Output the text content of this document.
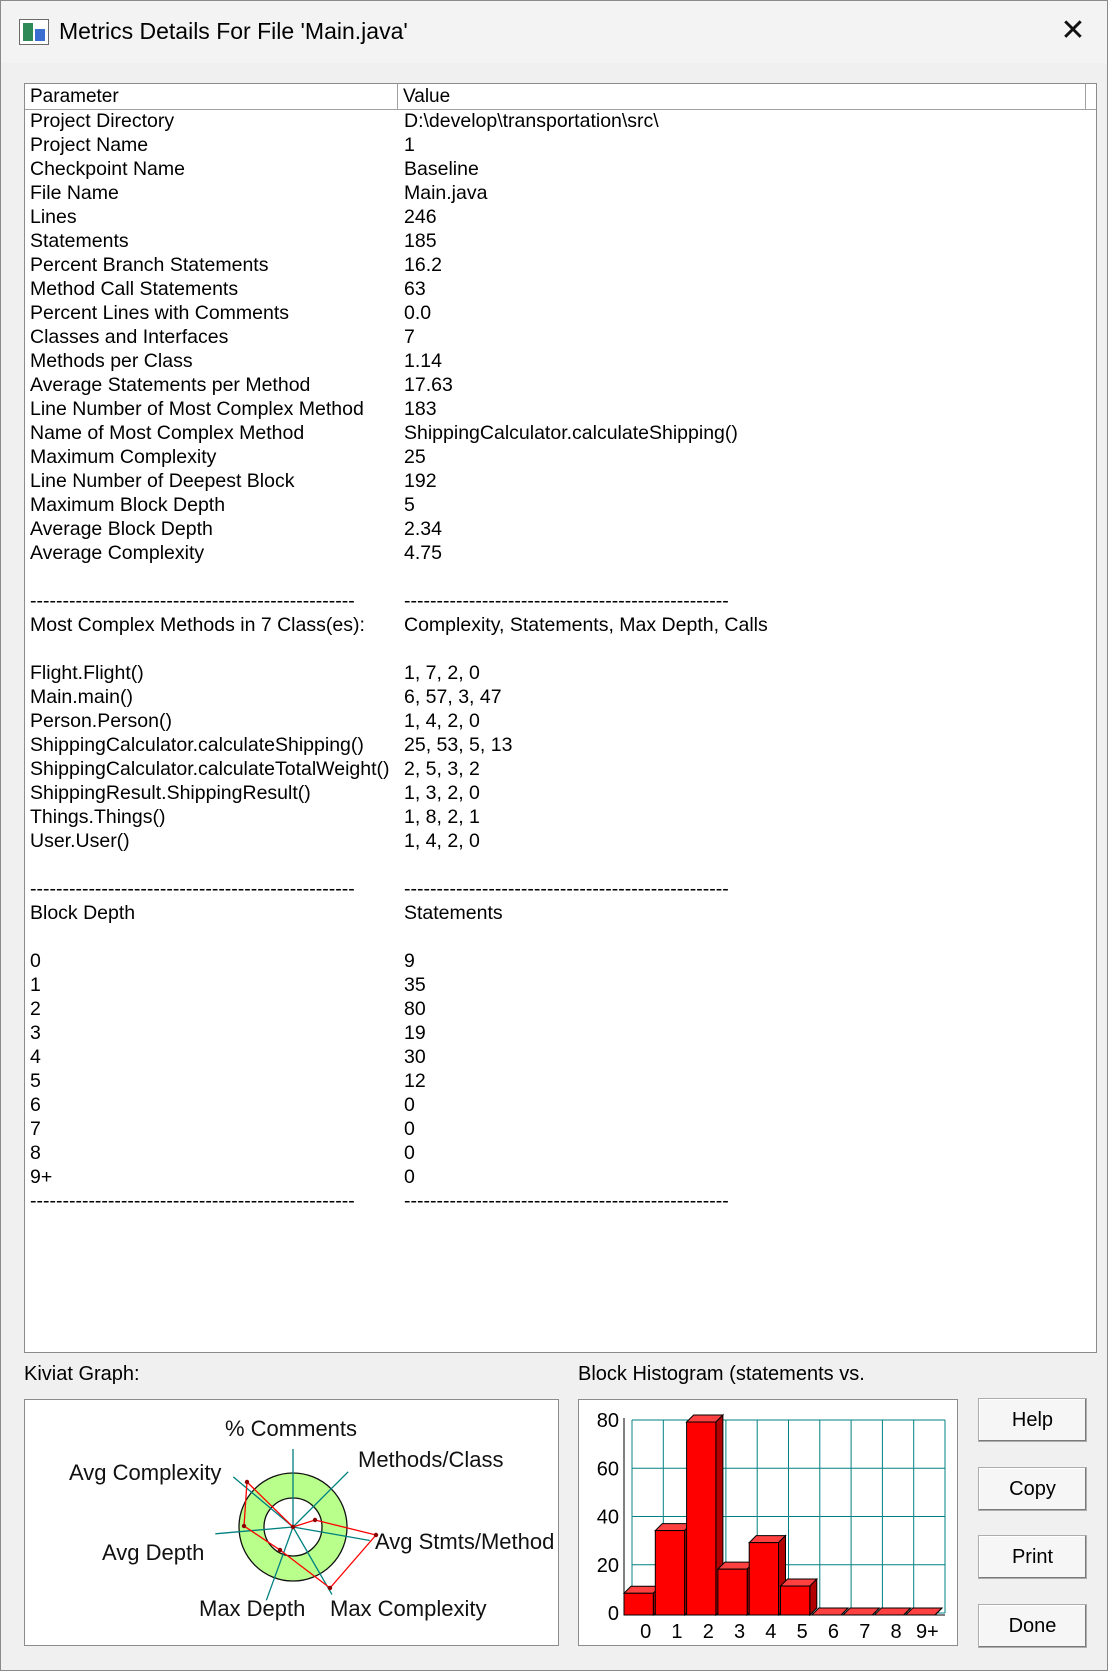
Metrics Details For File 'Main.java'	✕
Parameter	Value
Project Directory	D:\develop\transportation\src\
Project Name	1
Checkpoint Name	Baseline
File Name	Main.java
Lines	246
Statements	185
Percent Branch Statements	16.2
Method Call Statements	63
Percent Lines with Comments	0.0
Classes and Interfaces	7
Methods per Class	1.14
Average Statements per Method	17.63
Line Number of Most Complex Method 183
Name of Most Complex Method	ShippingCalculator.calculateShipping()
Maximum Complexity	25
Line Number of Deepest Block	192
Maximum Block Depth	5
Average Block Depth	2.34
Average Complexity	4.75
--------------------------------------------------	--------------------------------------------------
Most Complex Methods in 7 Class(es): Complexity, Statements, Max Depth, Calls
Flight.Flight()	1, 7, 2, 0
Main.main()	6, 57, 3, 47
Person.Person()	1, 4, 2, 0
ShippingCalculator.calculateShipping() 25, 53, 5, 13
ShippingCalculator.calculateTotalWeight() 2, 5, 3, 2
ShippingResult.ShippingResult()	1, 3, 2, 0
Things.Things()	1, 8, 2, 1
User.User()	1, 4, 2, 0
--------------------------------------------------	--------------------------------------------------
Block Depth	Statements
0	9
1	35
2	80
3	19
4	30
5	12
6	0
7	0
8	0
9+	0
--------------------------------------------------	--------------------------------------------------
Kiviat Graph:	Block Histogram (statements vs.
% Comments
Methods/Class
Avg Stmts/Method
Max Complexity
Max Depth
Avg Depth
Avg Complexity
0
20
40
60
80
0 1 2 3 4 5 6 7 8 9+
Help
Copy
Print
Done
